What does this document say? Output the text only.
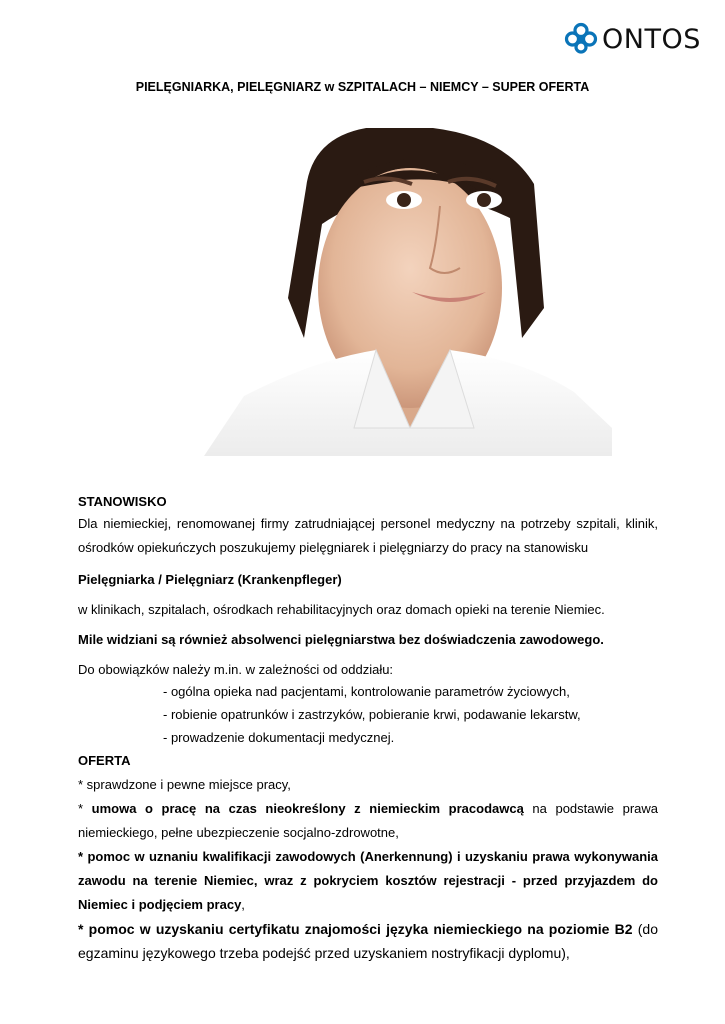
ONTOS
PIELĘGNIARKA, PIELĘGNIARZ w SZPITALACH – NIEMCY – SUPER OFERTA

STANOWISKO

Dla niemieckiej, renomowanej firmy zatrudniającej personel medyczny na potrzeby szpitali, klinik, ośrodków opiekuńczych poszukujemy pielęgniarek i pielęgniarzy do pracy na stanowisku

Pielęgniarka / Pielęgniarz (Krankenpfleger)

w klinikach, szpitalach, ośrodkach rehabilitacyjnych oraz domach opieki na terenie Niemiec.

Mile widziani są również absolwenci pielęgniarstwa bez doświadczenia zawodowego.

Do obowiązków należy m.in. w zależności od oddziału:

- ogólna opieka nad pacjentami, kontrolowanie parametrów życiowych,

- robienie opatrunków i zastrzyków, pobieranie krwi, podawanie lekarstw,

- prowadzenie dokumentacji medycznej.

OFERTA

* sprawdzone i pewne miejsce pracy,

* umowa o pracę na czas nieokreślony z niemieckim pracodawcą na podstawie prawa niemieckiego, pełne ubezpieczenie socjalno-zdrowotne,

* pomoc w uznaniu kwalifikacji zawodowych (Anerkennung) i uzyskaniu prawa wykonywania zawodu na terenie Niemiec, wraz z pokryciem kosztów rejestracji - przed przyjazdem do Niemiec i podjęciem pracy,

* pomoc w uzyskaniu certyfikatu znajomości języka niemieckiego na poziomie B2 (do egzaminu językowego trzeba podejść przed uzyskaniem nostryfikacji dyplomu),
